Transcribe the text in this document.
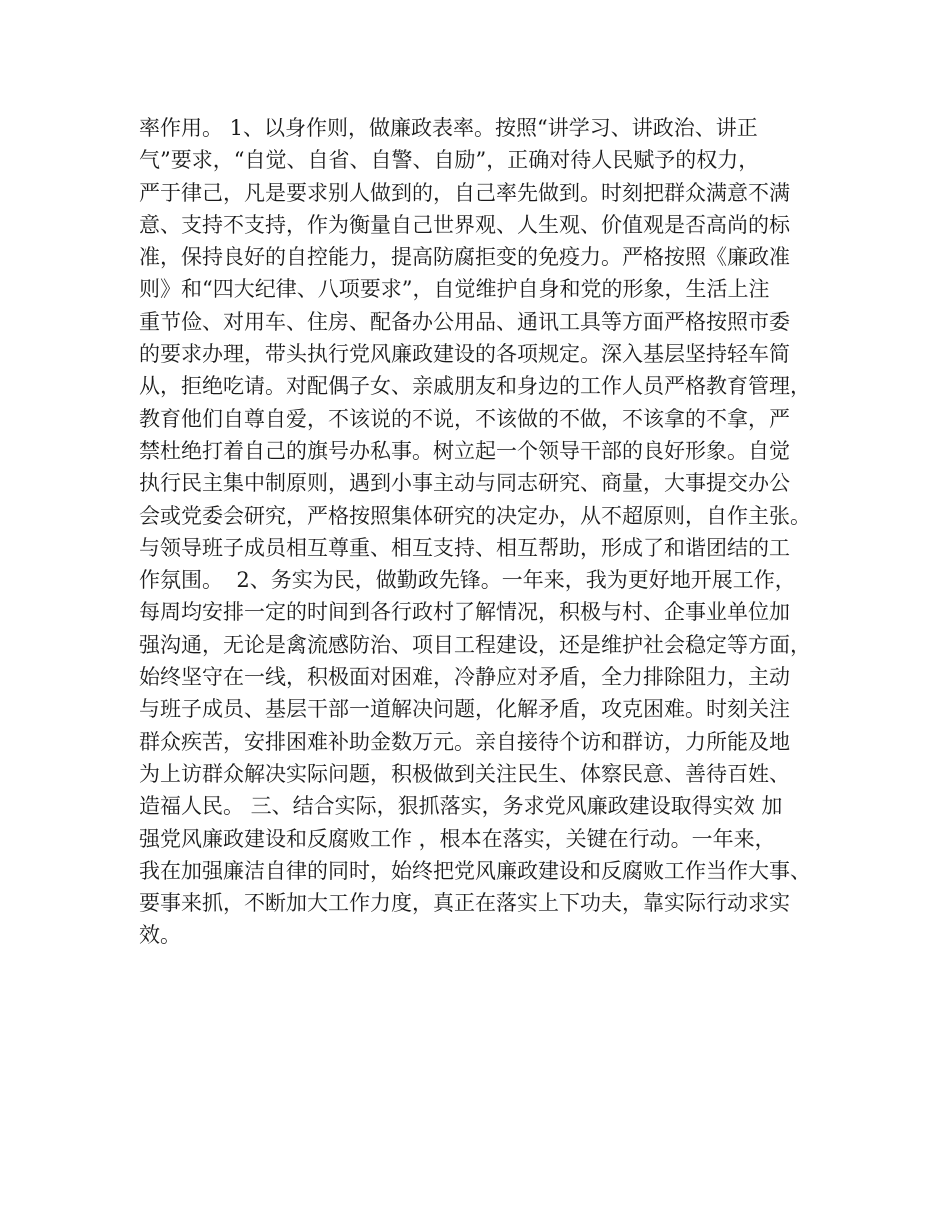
率作用。 1、以身作则，做廉政表率。按照“讲学习、讲政治、讲正
气”要求，“自觉、自省、自警、自励”，正确对待人民赋予的权力，
严于律己，凡是要求别人做到的，自己率先做到。时刻把群众满意不满
意、支持不支持，作为衡量自己世界观、人生观、价值观是否高尚的标
准，保持良好的自控能力，提高防腐拒变的免疫力。严格按照《廉政准
则》和“四大纪律、八项要求”，自觉维护自身和党的形象，生活上注
重节俭、对用车、住房、配备办公用品、通讯工具等方面严格按照市委
的要求办理，带头执行党风廉政建设的各项规定。深入基层坚持轻车简
从，拒绝吃请。对配偶子女、亲戚朋友和身边的工作人员严格教育管理，
教育他们自尊自爱，不该说的不说，不该做的不做，不该拿的不拿，严
禁杜绝打着自己的旗号办私事。树立起一个领导干部的良好形象。自觉
执行民主集中制原则，遇到小事主动与同志研究、商量，大事提交办公
会或党委会研究，严格按照集体研究的决定办，从不超原则，自作主张。
与领导班子成员相互尊重、相互支持、相互帮助，形成了和谐团结的工
作氛围。  2、务实为民，做勤政先锋。一年来，我为更好地开展工作，
每周均安排一定的时间到各行政村了解情况，积极与村、企事业单位加
强沟通，无论是禽流感防治、项目工程建设，还是维护社会稳定等方面，
始终坚守在一线，积极面对困难，冷静应对矛盾，全力排除阻力，主动
与班子成员、基层干部一道解决问题，化解矛盾，攻克困难。时刻关注
群众疾苦，安排困难补助金数万元。亲自接待个访和群访，力所能及地
为上访群众解决实际问题，积极做到关注民生、体察民意、善待百姓、
造福人民。 三、结合实际，狠抓落实，务求党风廉政建设取得实效 加
强党风廉政建设和反腐败工作 ，根本在落实，关键在行动。一年来，
我在加强廉洁自律的同时，始终把党风廉政建设和反腐败工作当作大事、
要事来抓，不断加大工作力度，真正在落实上下功夫，靠实际行动求实
效。
